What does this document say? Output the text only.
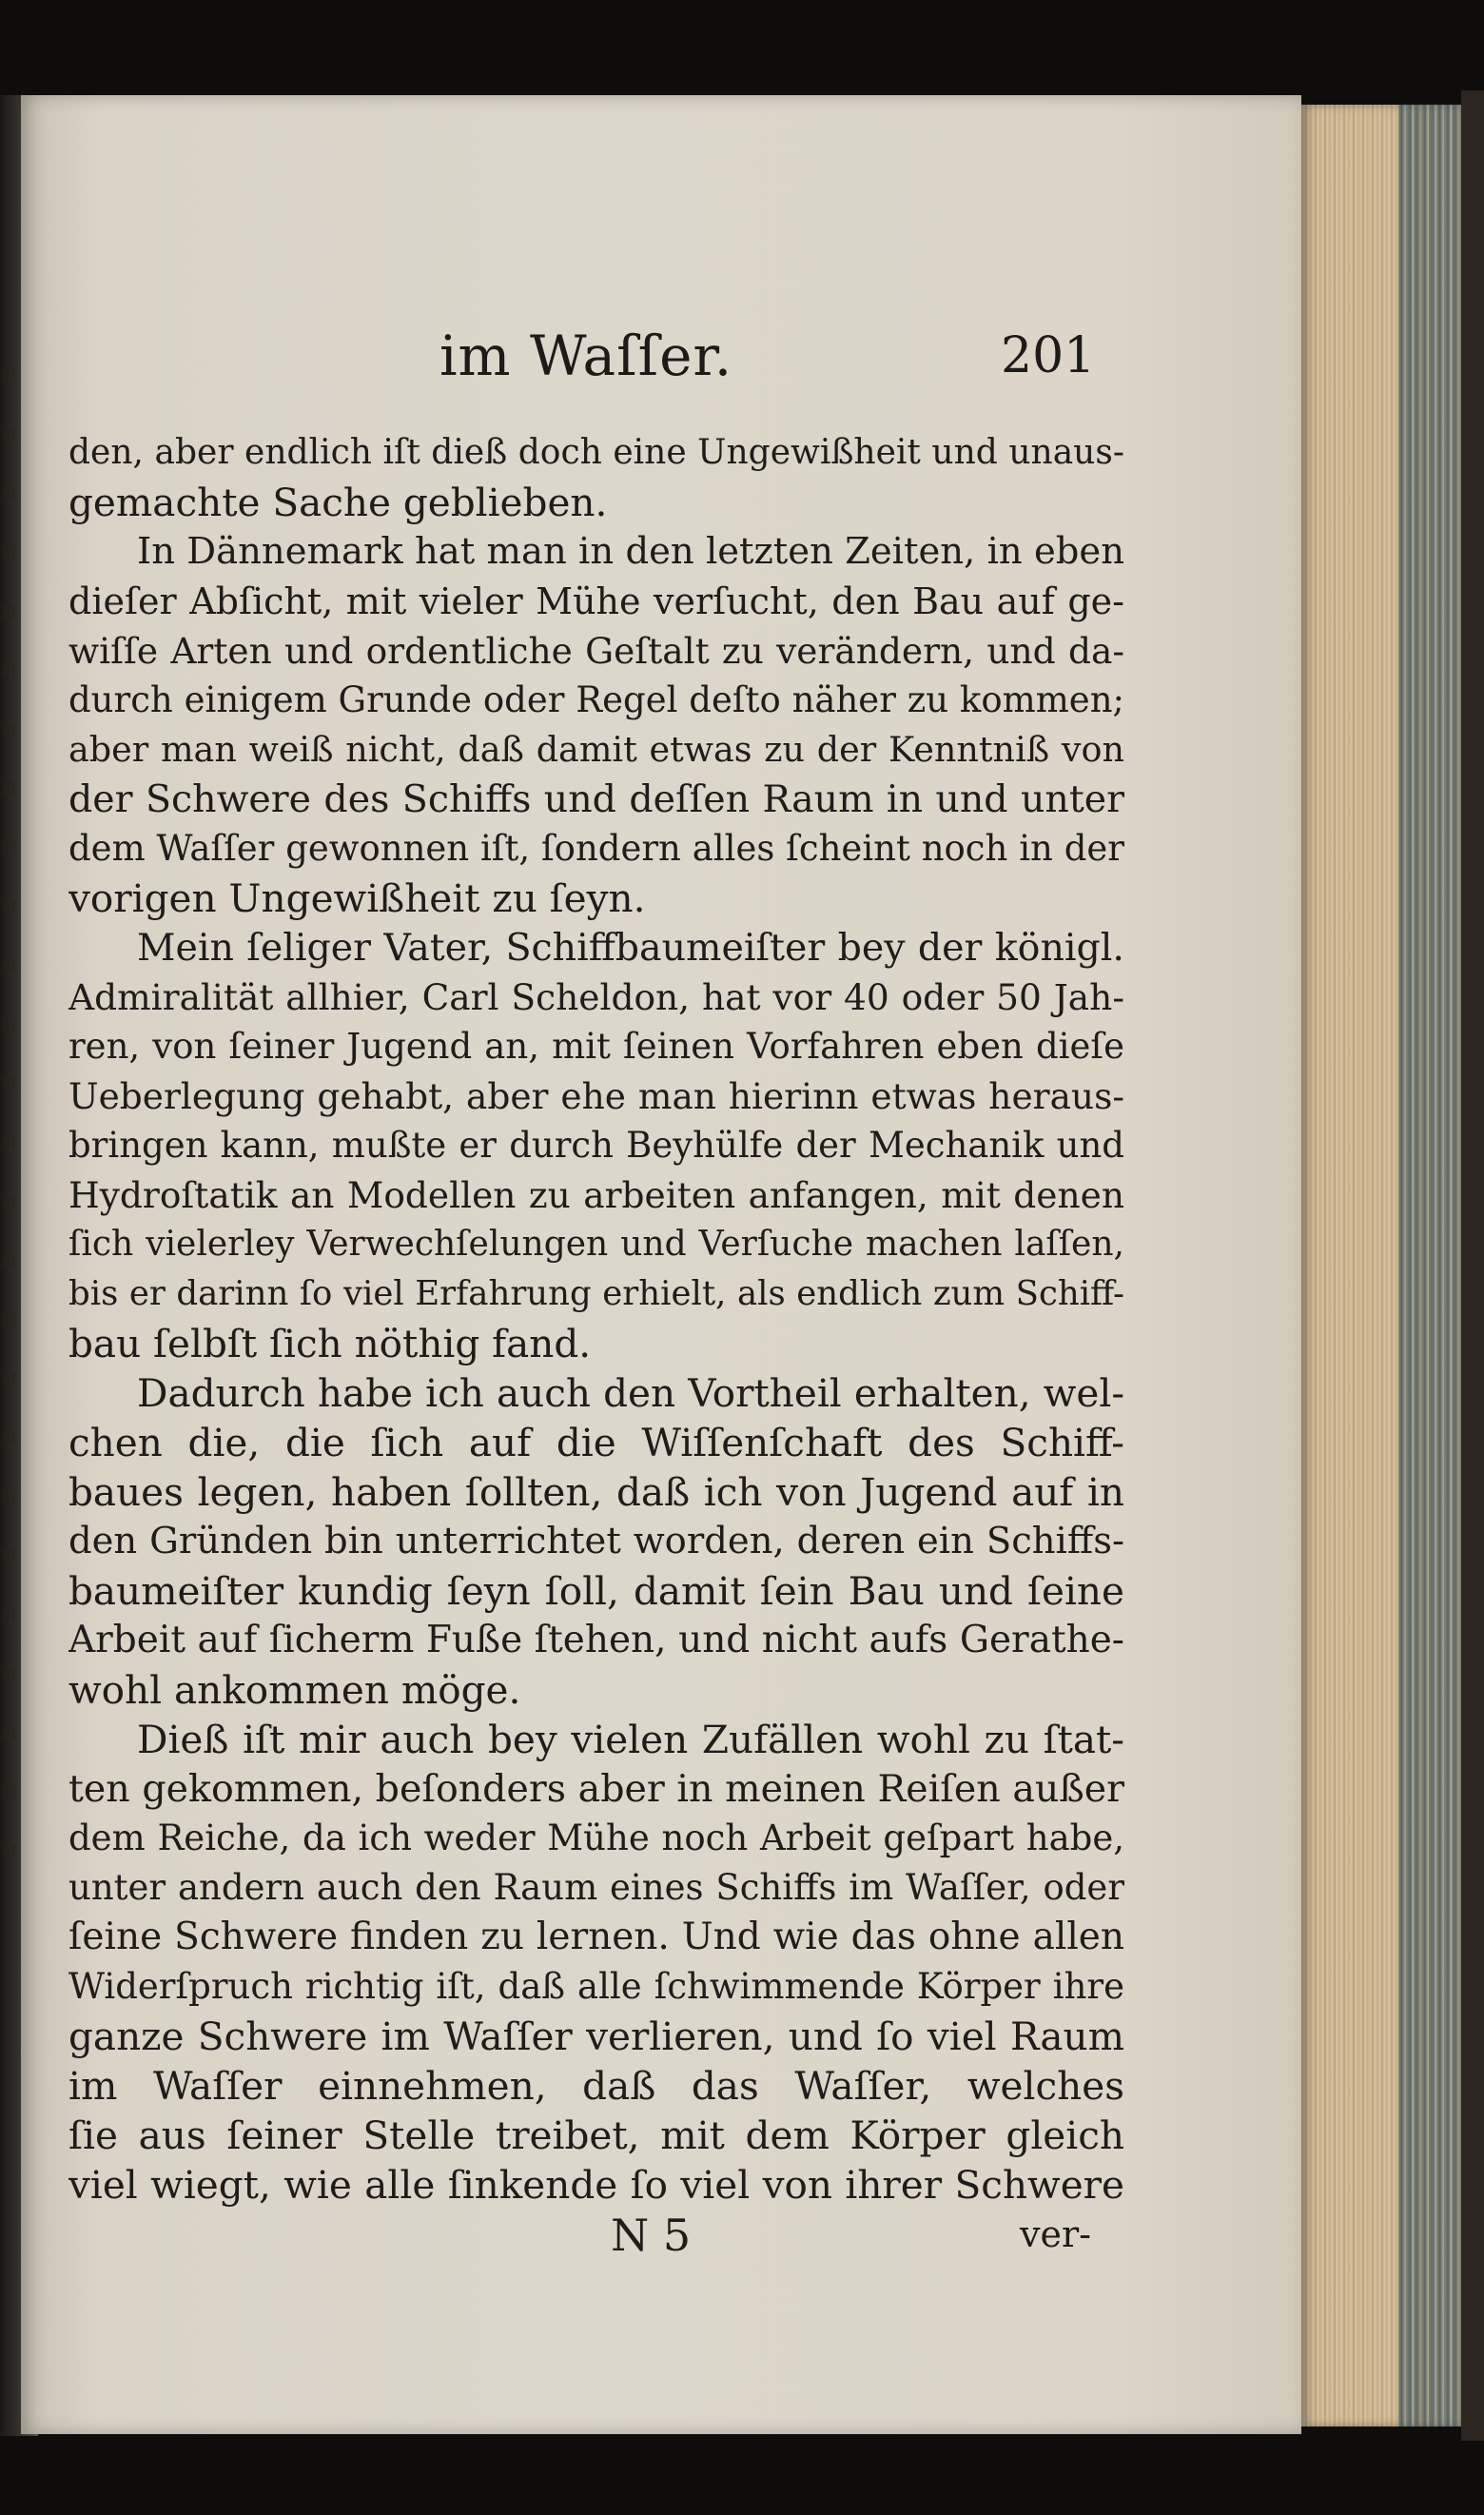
im Waſſer.	201
den, aber endlich iſt dieß doch eine Ungewißheit und unaus-
gemachte Sache geblieben.
In Dännemark hat man in den letzten Zeiten, in eben
dieſer Abſicht, mit vieler Mühe verſucht, den Bau auf ge-
wiſſe Arten und ordentliche Geſtalt zu verändern, und da-
durch einigem Grunde oder Regel deſto näher zu kommen;
aber man weiß nicht, daß damit etwas zu der Kenntniß von
der Schwere des Schiffs und deſſen Raum in und unter
dem Waſſer gewonnen iſt, ſondern alles ſcheint noch in der
vorigen Ungewißheit zu ſeyn.
Mein ſeliger Vater, Schiffbaumeiſter bey der königl.
Admiralität allhier, Carl Scheldon, hat vor 40 oder 50 Jah-
ren, von ſeiner Jugend an, mit ſeinen Vorfahren eben dieſe
Ueberlegung gehabt, aber ehe man hierinn etwas heraus-
bringen kann, mußte er durch Beyhülfe der Mechanik und
Hydroſtatik an Modellen zu arbeiten anfangen, mit denen
ſich vielerley Verwechſelungen und Verſuche machen laſſen,
bis er darinn ſo viel Erfahrung erhielt, als endlich zum Schiff-
bau ſelbſt ſich nöthig fand.
Dadurch habe ich auch den Vortheil erhalten, wel-
chen die, die ſich auf die Wiſſenſchaft des Schiff-
baues legen, haben ſollten, daß ich von Jugend auf in
den Gründen bin unterrichtet worden, deren ein Schiffs-
baumeiſter kundig ſeyn ſoll, damit ſein Bau und ſeine
Arbeit auf ſicherm Fuße ſtehen, und nicht aufs Gerathe-
wohl ankommen möge.
Dieß iſt mir auch bey vielen Zufällen wohl zu ſtat-
ten gekommen, beſonders aber in meinen Reiſen außer
dem Reiche, da ich weder Mühe noch Arbeit geſpart habe,
unter andern auch den Raum eines Schiffs im Waſſer, oder
ſeine Schwere finden zu lernen. Und wie das ohne allen
Widerſpruch richtig iſt, daß alle ſchwimmende Körper ihre
ganze Schwere im Waſſer verlieren, und ſo viel Raum
im Waſſer einnehmen, daß das Waſſer, welches
ſie aus ſeiner Stelle treibet, mit dem Körper gleich
viel wiegt, wie alle ſinkende ſo viel von ihrer Schwere
N 5	ver-
